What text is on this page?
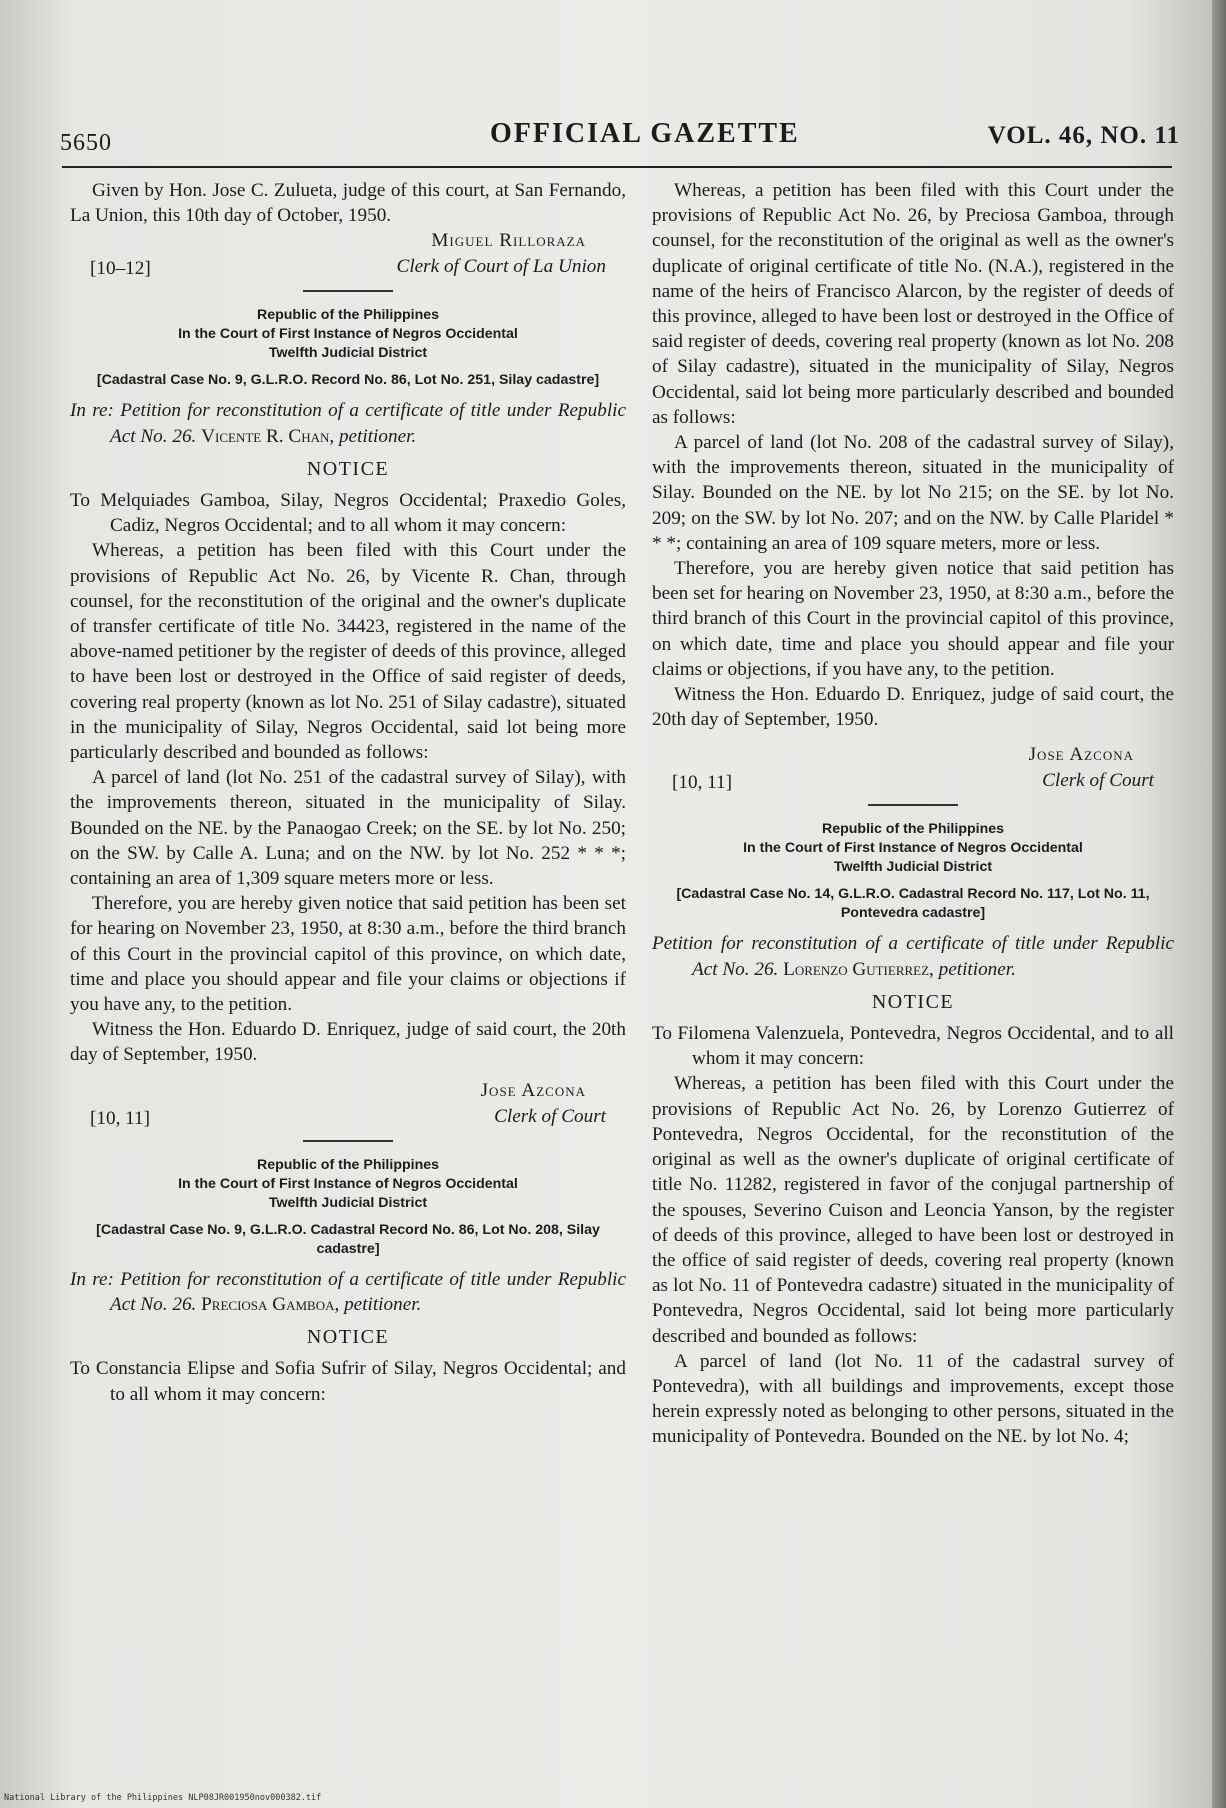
5650	OFFICIAL GAZETTE	VOL. 46, NO. 11

Given by Hon. Jose C. Zulueta, judge of this court, at San Fernando, La Union, this 10th day of October, 1950.

Miguel Rilloraza
Clerk of Court of La Union
[10–12]

Republic of the Philippines

In the Court of First Instance of Negros Occidental

Twelfth Judicial District

[Cadastral Case No. 9, G.L.R.O. Record No. 86, Lot No. 251, Silay cadastre]

In re: Petition for reconstitution of a certificate of title under Republic Act No. 26. Vicente R. Chan, petitioner.

NOTICE

To Melquiades Gamboa, Silay, Negros Occidental; Praxedio Goles, Cadiz, Negros Occidental; and to all whom it may concern:

Whereas, a petition has been filed with this Court under the provisions of Republic Act No. 26, by Vicente R. Chan, through counsel, for the reconstitution of the original and the owner's duplicate of transfer certificate of title No. 34423, registered in the name of the above-named petitioner by the register of deeds of this province, alleged to have been lost or destroyed in the Office of said register of deeds, covering real property (known as lot No. 251 of Silay cadastre), situated in the municipality of Silay, Negros Occidental, said lot being more particularly described and bounded as follows:

A parcel of land (lot No. 251 of the cadastral survey of Silay), with the improvements thereon, situated in the municipality of Silay. Bounded on the NE. by the Panaogao Creek; on the SE. by lot No. 250; on the SW. by Calle A. Luna; and on the NW. by lot No. 252 * * *; containing an area of 1,309 square meters more or less.

Therefore, you are hereby given notice that said petition has been set for hearing on November 23, 1950, at 8:30 a.m., before the third branch of this Court in the provincial capitol of this province, on which date, time and place you should appear and file your claims or objections if you have any, to the petition.

Witness the Hon. Eduardo D. Enriquez, judge of said court, the 20th day of September, 1950.

Jose Azcona
Clerk of Court
[10, 11]

Republic of the Philippines

In the Court of First Instance of Negros Occidental

Twelfth Judicial District

[Cadastral Case No. 9, G.L.R.O. Cadastral Record No. 86, Lot No. 208, Silay cadastre]

In re: Petition for reconstitution of a certificate of title under Republic Act No. 26. Preciosa Gamboa, petitioner.

NOTICE

To Constancia Elipse and Sofia Sufrir of Silay, Negros Occidental; and to all whom it may concern:

Whereas, a petition has been filed with this Court under the provisions of Republic Act No. 26, by Preciosa Gamboa, through counsel, for the reconstitution of the original as well as the owner's duplicate of original certificate of title No. (N.A.), registered in the name of the heirs of Francisco Alarcon, by the register of deeds of this province, alleged to have been lost or destroyed in the Office of said register of deeds, covering real property (known as lot No. 208 of Silay cadastre), situated in the municipality of Silay, Negros Occidental, said lot being more particularly described and bounded as follows:

A parcel of land (lot No. 208 of the cadastral survey of Silay), with the improvements thereon, situated in the municipality of Silay. Bounded on the NE. by lot No 215; on the SE. by lot No. 209; on the SW. by lot No. 207; and on the NW. by Calle Plaridel * * *; containing an area of 109 square meters, more or less.

Therefore, you are hereby given notice that said petition has been set for hearing on November 23, 1950, at 8:30 a.m., before the third branch of this Court in the provincial capitol of this province, on which date, time and place you should appear and file your claims or objections, if you have any, to the petition.

Witness the Hon. Eduardo D. Enriquez, judge of said court, the 20th day of September, 1950.

Jose Azcona
Clerk of Court
[10, 11]

Republic of the Philippines

In the Court of First Instance of Negros Occidental

Twelfth Judicial District

[Cadastral Case No. 14, G.L.R.O. Cadastral Record No. 117, Lot No. 11, Pontevedra cadastre]

Petition for reconstitution of a certificate of title under Republic Act No. 26. Lorenzo Gutierrez, petitioner.

NOTICE

To Filomena Valenzuela, Pontevedra, Negros Occidental, and to all whom it may concern:

Whereas, a petition has been filed with this Court under the provisions of Republic Act No. 26, by Lorenzo Gutierrez of Pontevedra, Negros Occidental, for the reconstitution of the original as well as the owner's duplicate of original certificate of title No. 11282, registered in favor of the conjugal partnership of the spouses, Severino Cuison and Leoncia Yanson, by the register of deeds of this province, alleged to have been lost or destroyed in the office of said register of deeds, covering real property (known as lot No. 11 of Pontevedra cadastre) situated in the municipality of Pontevedra, Negros Occidental, said lot being more particularly described and bounded as follows:

A parcel of land (lot No. 11 of the cadastral survey of Pontevedra), with all buildings and improvements, except those herein expressly noted as belonging to other persons, situated in the municipality of Pontevedra. Bounded on the NE. by lot No. 4;

National Library of the Philippines NLP08JR001950nov000382.tif
